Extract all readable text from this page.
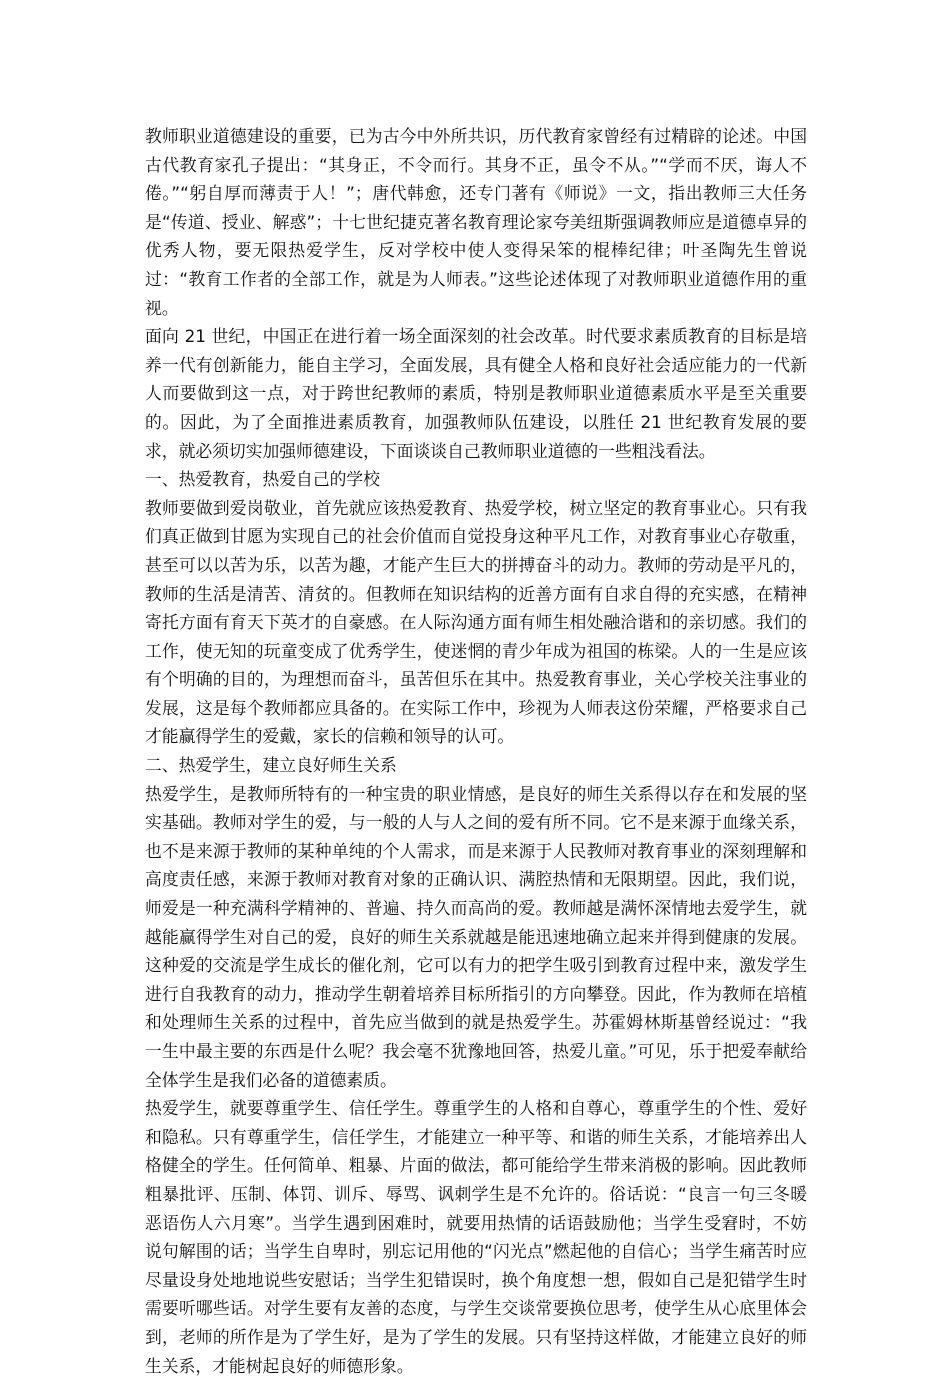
教师职业道德建设的重要，已为古今中外所共识，历代教育家曾经有过精辟的论述。中国古代教育家孔子提出：“其身正，不令而行。其身不正，虽令不从。”“学而不厌，诲人不倦。”“躬自厚而薄责于人！”；唐代韩愈，还专门著有《师说》一文，指出教师三大任务是“传道、授业、解惑”；十七世纪捷克著名教育理论家夸美纽斯强调教师应是道德卓异的优秀人物，要无限热爱学生，反对学校中使人变得呆笨的棍棒纪律；叶圣陶先生曾说过：“教育工作者的全部工作，就是为人师表。”这些论述体现了对教师职业道德作用的重视。

面向 21 世纪，中国正在进行着一场全面深刻的社会改革。时代要求素质教育的目标是培养一代有创新能力，能自主学习，全面发展，具有健全人格和良好社会适应能力的一代新人而要做到这一点，对于跨世纪教师的素质，特别是教师职业道德素质水平是至关重要的。因此，为了全面推进素质教育，加强教师队伍建设，以胜任 21 世纪教育发展的要求，就必须切实加强师德建设，下面谈谈自己教师职业道德的一些粗浅看法。

一、热爱教育，热爱自己的学校

教师要做到爱岗敬业，首先就应该热爱教育、热爱学校，树立坚定的教育事业心。只有我们真正做到甘愿为实现自己的社会价值而自觉投身这种平凡工作，对教育事业心存敬重，甚至可以以苦为乐，以苦为趣，才能产生巨大的拼搏奋斗的动力。教师的劳动是平凡的，教师的生活是清苦、清贫的。但教师在知识结构的近善方面有自求自得的充实感，在精神寄托方面有育天下英才的自豪感。在人际沟通方面有师生相处融洽谐和的亲切感。我们的工作，使无知的玩童变成了优秀学生，使迷惘的青少年成为祖国的栋梁。人的一生是应该有个明确的目的，为理想而奋斗，虽苦但乐在其中。热爱教育事业，关心学校关注事业的发展，这是每个教师都应具备的。在实际工作中，珍视为人师表这份荣耀，严格要求自己才能赢得学生的爱戴，家长的信赖和领导的认可。

二、热爱学生，建立良好师生关系

热爱学生，是教师所特有的一种宝贵的职业情感，是良好的师生关系得以存在和发展的坚实基础。教师对学生的爱，与一般的人与人之间的爱有所不同。它不是来源于血缘关系，也不是来源于教师的某种单纯的个人需求，而是来源于人民教师对教育事业的深刻理解和高度责任感，来源于教师对教育对象的正确认识、满腔热情和无限期望。因此，我们说，师爱是一种充满科学精神的、普遍、持久而高尚的爱。教师越是满怀深情地去爱学生，就越能赢得学生对自己的爱，良好的师生关系就越是能迅速地确立起来并得到健康的发展。这种爱的交流是学生成长的催化剂，它可以有力的把学生吸引到教育过程中来，激发学生进行自我教育的动力，推动学生朝着培养目标所指引的方向攀登。因此，作为教师在培植和处理师生关系的过程中，首先应当做到的就是热爱学生。苏霍姆林斯基曾经说过：“我一生中最主要的东西是什么呢？我会毫不犹豫地回答，热爱儿童。”可见，乐于把爱奉献给全体学生是我们必备的道德素质。

热爱学生，就要尊重学生、信任学生。尊重学生的人格和自尊心，尊重学生的个性、爱好和隐私。只有尊重学生，信任学生，才能建立一种平等、和谐的师生关系，才能培养出人格健全的学生。任何简单、粗暴、片面的做法，都可能给学生带来消极的影响。因此教师粗暴批评、压制、体罚、训斥、辱骂、讽刺学生是不允许的。俗话说：“良言一句三冬暖恶语伤人六月寒”。当学生遇到困难时，就要用热情的话语鼓励他；当学生受窘时，不妨说句解围的话；当学生自卑时，别忘记用他的“闪光点”燃起他的自信心；当学生痛苦时应尽量设身处地地说些安慰话；当学生犯错误时，换个角度想一想，假如自己是犯错学生时需要听哪些话。对学生要有友善的态度，与学生交谈常要换位思考，使学生从心底里体会到，老师的所作是为了学生好，是为了学生的发展。只有坚持这样做，才能建立良好的师生关系，才能树起良好的师德形象。
